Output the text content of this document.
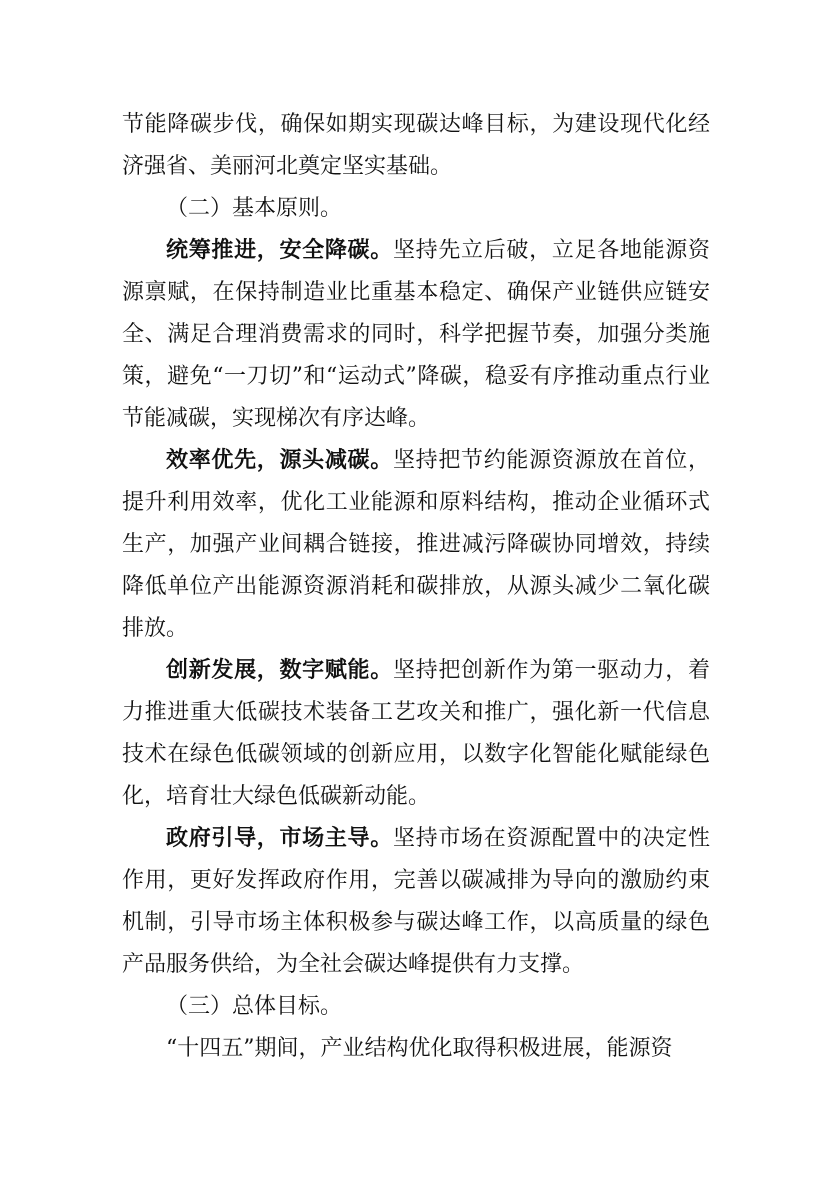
节能降碳步伐，确保如期实现碳达峰目标，为建设现代化经济强省、美丽河北奠定坚实基础。

（二）基本原则。

统筹推进，安全降碳。坚持先立后破，立足各地能源资源禀赋，在保持制造业比重基本稳定、确保产业链供应链安全、满足合理消费需求的同时，科学把握节奏，加强分类施策，避免“一刀切”和“运动式”降碳，稳妥有序推动重点行业节能减碳，实现梯次有序达峰。

效率优先，源头减碳。坚持把节约能源资源放在首位，提升利用效率，优化工业能源和原料结构，推动企业循环式生产，加强产业间耦合链接，推进减污降碳协同增效，持续降低单位产出能源资源消耗和碳排放，从源头减少二氧化碳排放。

创新发展，数字赋能。坚持把创新作为第一驱动力，着力推进重大低碳技术装备工艺攻关和推广，强化新一代信息技术在绿色低碳领域的创新应用，以数字化智能化赋能绿色化，培育壮大绿色低碳新动能。

政府引导，市场主导。坚持市场在资源配置中的决定性作用，更好发挥政府作用，完善以碳减排为导向的激励约束机制，引导市场主体积极参与碳达峰工作，以高质量的绿色产品服务供给，为全社会碳达峰提供有力支撑。

（三）总体目标。

“十四五”期间，产业结构优化取得积极进展，能源资
